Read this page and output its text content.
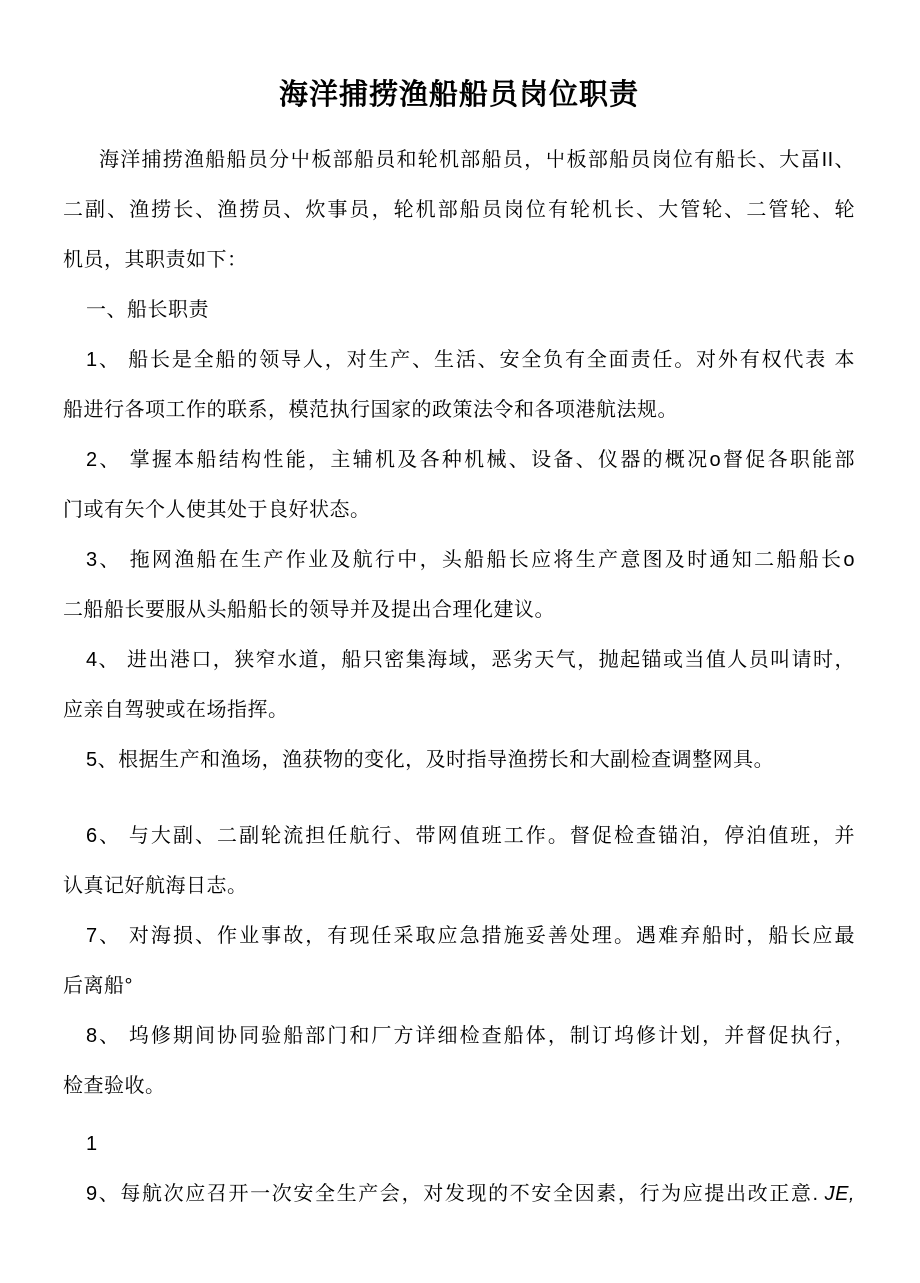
海洋捕捞渔船船员岗位职责
海洋捕捞渔船船员分屮板部船员和轮机部船员，屮板部船员岗位有船长、大畐II、
二副、渔捞长、渔捞员、炊事员，轮机部船员岗位有轮机长、大管轮、二管轮、轮
机员，其职责如下：
一、船长职责
1、 船长是全船的领导人，对生产、生活、安全负有全面责任。对外有权代表 本
船进行各项工作的联系，模范执行国家的政策法令和各项港航法规。
2、 掌握本船结构性能，主辅机及各种机械、设备、仪器的概况o督促各职能部
门或有矢个人使其处于良好状态。
3、 拖网渔船在生产作业及航行中，头船船长应将生产意图及时通知二船船长o
二船船长要服从头船船长的领导并及提出合理化建议。
4、 进出港口，狭窄水道，船只密集海域，恶劣天气，抛起锚或当值人员叫请时，
应亲自驾驶或在场指挥。
5、根据生产和渔场，渔获物的变化，及时指导渔捞长和大副检查调整网具。
6、 与大副、二副轮流担任航行、带网值班工作。督促检查锚泊，停泊值班，并
认真记好航海日志。
7、 对海损、作业事故，有现任采取应急措施妥善处理。遇难弃船时，船长应最
后离船°
8、 坞修期间协同验船部门和厂方详细检查船体，制订坞修计划，并督促执行，
检查验收。
1
9、每航次应召开一次安全生产会，对发现的不安全因素，行为应提出改正意. JE,
